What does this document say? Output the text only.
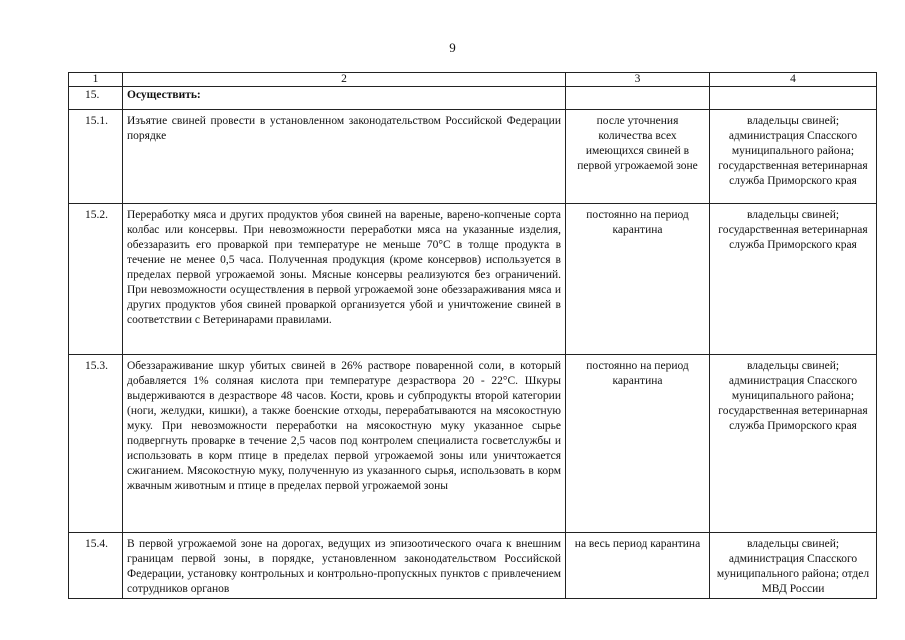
9
1	2	3	4
15.	Осуществить:		
15.1.	Изъятие свиней провести в установленном законодательством Российской Федерации порядке	после уточнения количества всех имеющихся свиней в первой угрожаемой зоне	владельцы свиней; администрация Спасского муниципального района; государственная ветеринарная служба Приморского края
15.2.	Переработку мяса и других продуктов убоя свиней на вареные, варено-копченые сорта колбас или консервы. При невозможности переработки мяса на указанные изделия, обеззаразить его проваркой при температуре не меньше 70°С в толще продукта в течение не менее 0,5 часа. Полученная продукция (кроме консервов) используется в пределах первой угрожаемой зоны. Мясные консервы реализуются без ограничений. При невозможности осуществления в первой угрожаемой зоне обеззараживания мяса и других продуктов убоя свиней проваркой организуется убой и уничтожение свиней в соответствии с Ветеринарами правилами.	постоянно на период карантина	владельцы свиней; государственная ветеринарная служба Приморского края
15.3.	Обеззараживание шкур убитых свиней в 26% растворе поваренной соли, в который добавляется 1% соляная кислота при температуре дезраствора 20 - 22°С. Шкуры выдерживаются в дезрастворе 48 часов. Кости, кровь и субпродукты второй категории (ноги, желудки, кишки), а также боенские отходы, перерабатываются на мясокостную муку. При невозможности переработки на мясокостную муку указанное сырье подвергнуть проварке в течение 2,5 часов под контролем специалиста госветслужбы и использовать в корм птице в пределах первой угрожаемой зоны или уничтожается сжиганием. Мясокостную муку, полученную из указанного сырья, использовать в корм жвачным животным и птице в пределах первой угрожаемой зоны	постоянно на период карантина	владельцы свиней; администрация Спасского муниципального района; государственная ветеринарная служба Приморского края
15.4.	В первой угрожаемой зоне на дорогах, ведущих из эпизоотического очага к внешним границам первой зоны, в порядке, установленном законодательством Российской Федерации, установку контрольных и контрольно-пропускных пунктов с привлечением сотрудников органов	на весь период карантина	владельцы свиней; администрация Спасского муниципального района; отдел МВД России
